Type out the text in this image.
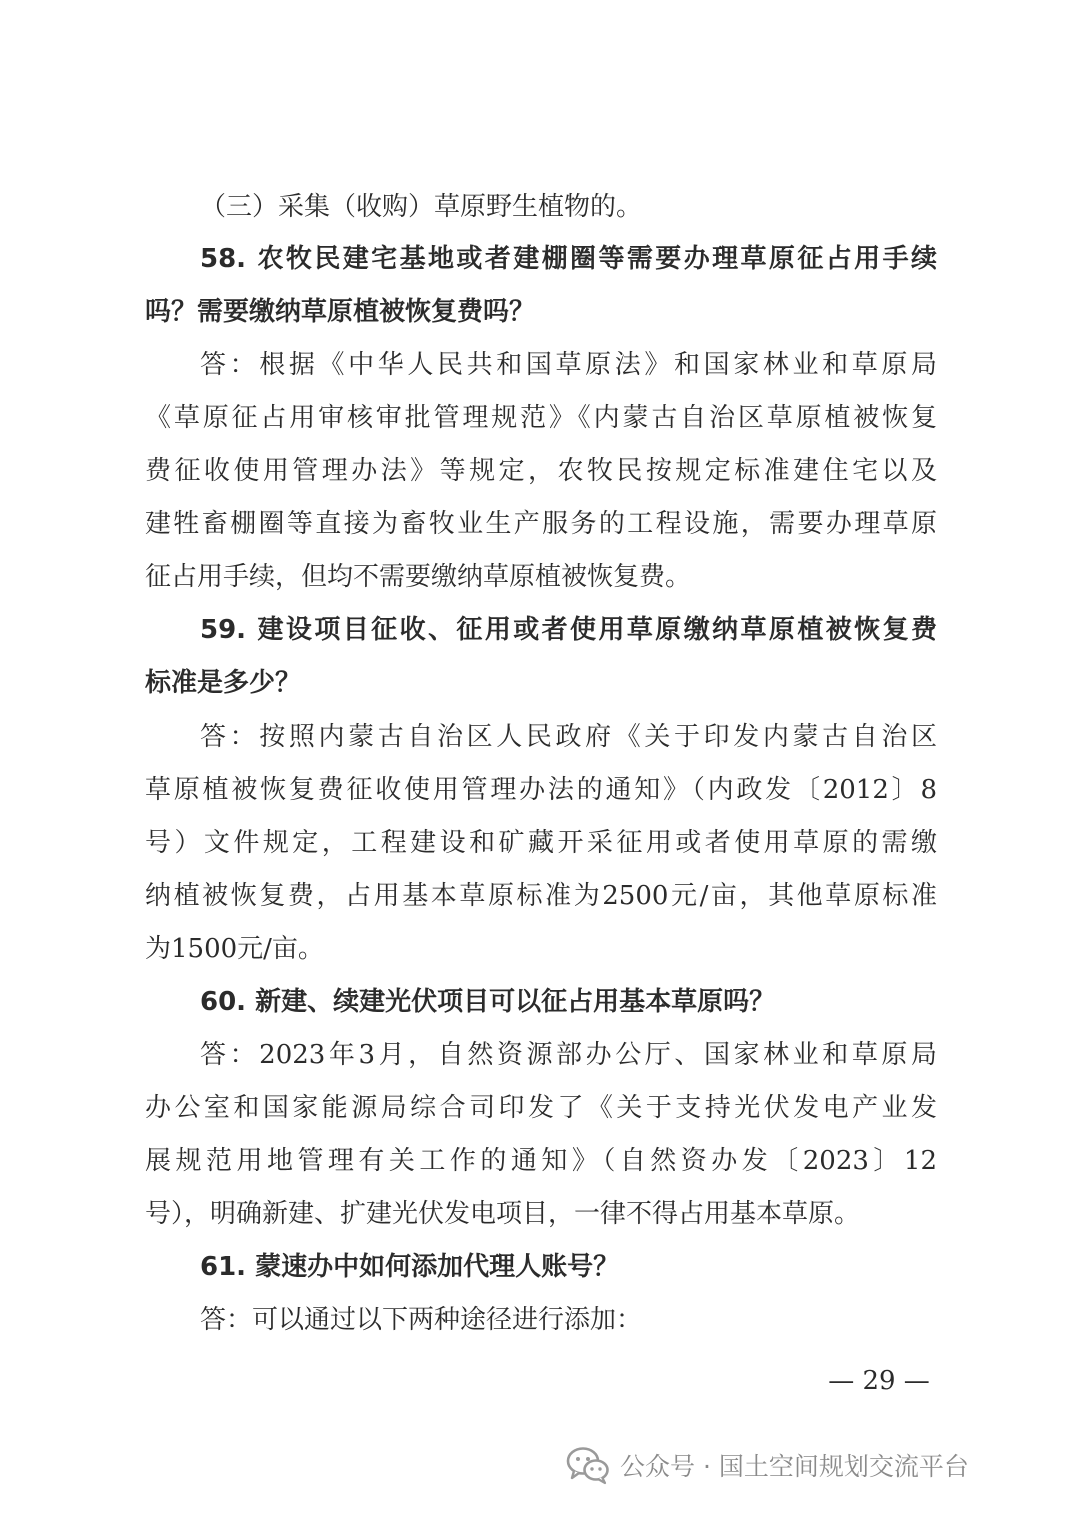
（三）采集（收购）草原野生植物的。
58. 农牧民建宅基地或者建棚圈等需要办理草原征占用手续
吗？需要缴纳草原植被恢复费吗？
答：根据《中华人民共和国草原法》和国家林业和草原局
《草原征占用审核审批管理规范》《内蒙古自治区草原植被恢复
费征收使用管理办法》等规定，农牧民按规定标准建住宅以及
建牲畜棚圈等直接为畜牧业生产服务的工程设施，需要办理草原
征占用手续，但均不需要缴纳草原植被恢复费。
59. 建设项目征收、征用或者使用草原缴纳草原植被恢复费
标准是多少？
答：按照内蒙古自治区人民政府《关于印发内蒙古自治区
草原植被恢复费征收使用管理办法的通知》（内政发〔2012〕8
号）文件规定，工程建设和矿藏开采征用或者使用草原的需缴
纳植被恢复费，占用基本草原标准为2500元/亩，其他草原标准
为1500元/亩。
60. 新建、续建光伏项目可以征占用基本草原吗？
答：2023年3月，自然资源部办公厅、国家林业和草原局
办公室和国家能源局综合司印发了《关于支持光伏发电产业发
展规范用地管理有关工作的通知》（自然资办发〔2023〕12
号），明确新建、扩建光伏发电项目，一律不得占用基本草原。
61. 蒙速办中如何添加代理人账号？
答：可以通过以下两种途径进行添加：
— 29 —
公众号 · 国土空间规划交流平台
